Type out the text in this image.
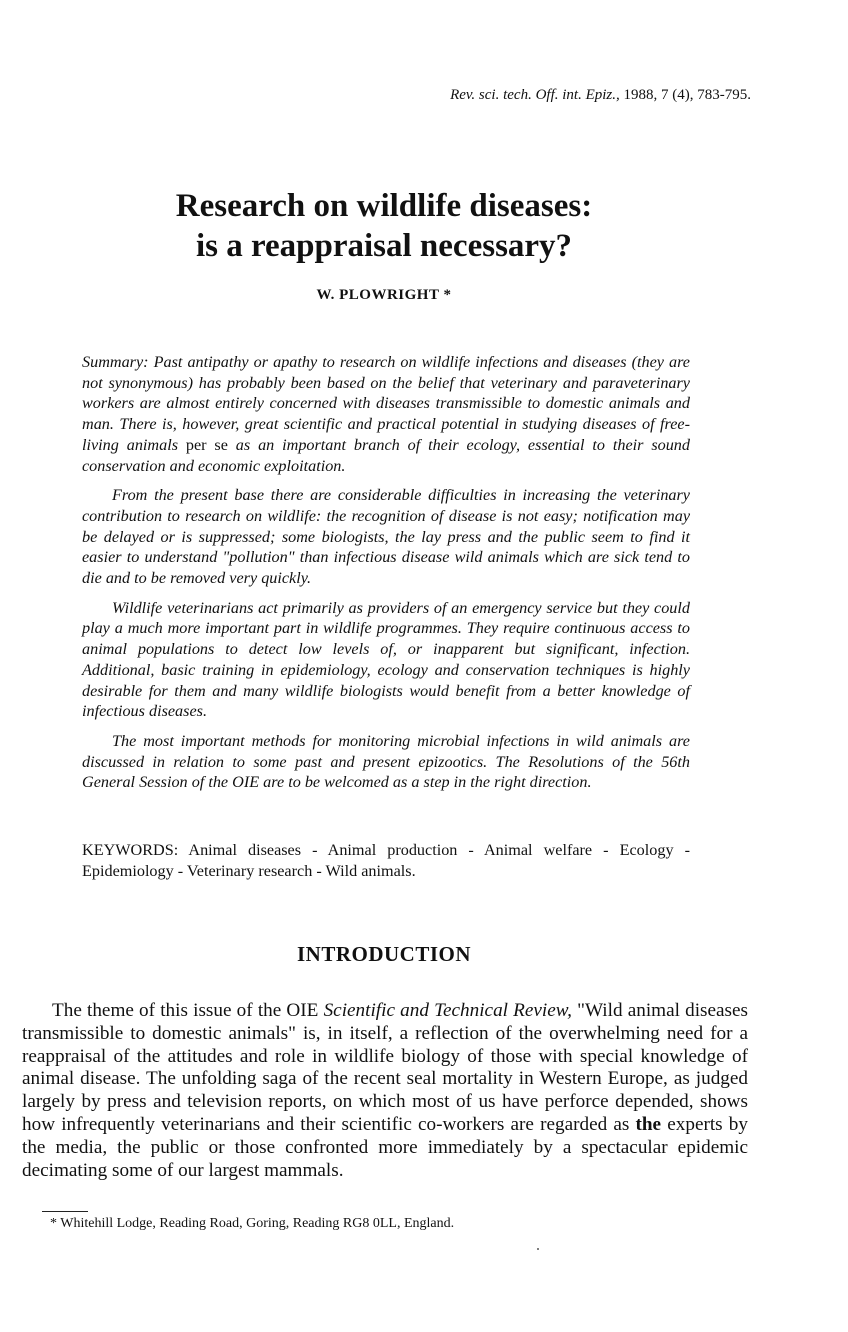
Rev. sci. tech. Off. int. Epiz., 1988, 7 (4), 783-795.
Research on wildlife diseases:
is a reappraisal necessary?
W. PLOWRIGHT *

Summary: Past antipathy or apathy to research on wildlife infections and diseases (they are not synonymous) has probably been based on the belief that veterinary and paraveterinary workers are almost entirely concerned with diseases transmissible to domestic animals and man. There is, however, great scientific and practical potential in studying diseases of free-living animals per se as an important branch of their ecology, essential to their sound conservation and economic exploitation.

From the present base there are considerable difficulties in increasing the veterinary contribution to research on wildlife: the recognition of disease is not easy; notification may be delayed or is suppressed; some biologists, the lay press and the public seem to find it easier to understand "pollution" than infectious disease wild animals which are sick tend to die and to be removed very quickly.

Wildlife veterinarians act primarily as providers of an emergency service but they could play a much more important part in wildlife programmes. They require continuous access to animal populations to detect low levels of, or inapparent but significant, infection. Additional, basic training in epidemiology, ecology and conservation techniques is highly desirable for them and many wildlife biologists would benefit from a better knowledge of infectious diseases.

The most important methods for monitoring microbial infections in wild animals are discussed in relation to some past and present epizootics. The Resolutions of the 56th General Session of the OIE are to be welcomed as a step in the right direction.

KEYWORDS: Animal diseases - Animal production - Animal welfare - Ecology - Epidemiology - Veterinary research - Wild animals.
INTRODUCTION

The theme of this issue of the OIE Scientific and Technical Review, "Wild animal diseases transmissible to domestic animals" is, in itself, a reflection of the overwhelming need for a reappraisal of the attitudes and role in wildlife biology of those with special knowledge of animal disease. The unfolding saga of the recent seal mortality in Western Europe, as judged largely by press and television reports, on which most of us have perforce depended, shows how infrequently veterinarians and their scientific co-workers are regarded as the experts by the media, the public or those confronted more immediately by a spectacular epidemic decimating some of our largest mammals.

* Whitehill Lodge, Reading Road, Goring, Reading RG8 0LL, England.
